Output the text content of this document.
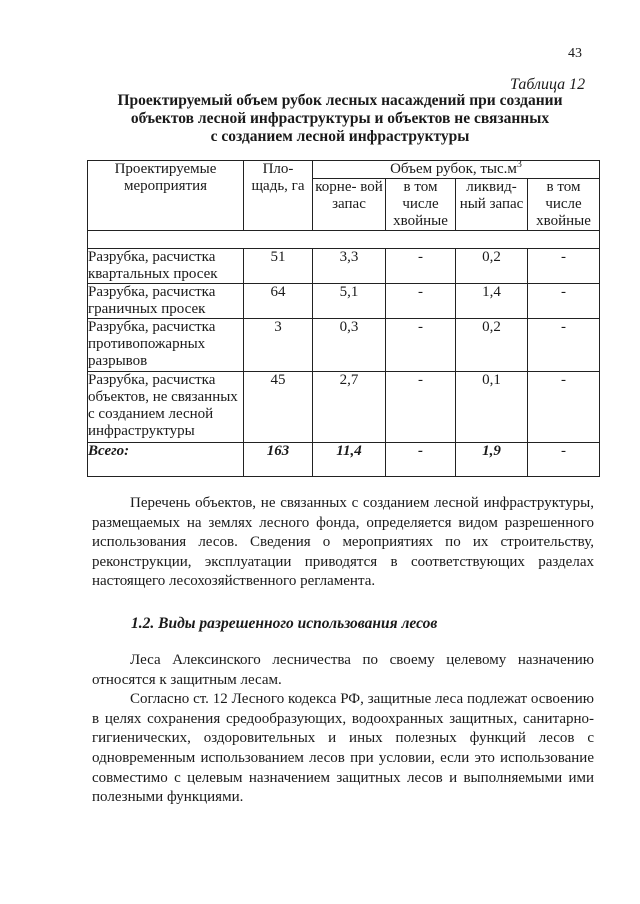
43
Таблица 12
Проектируемый объем рубок лесных насаждений при создании
объектов лесной инфраструктуры и объектов не связанных
с созданием лесной инфраструктуры
Проектируемые мероприятия	Пло- щадь, га	Объем рубок, $тыс.м^3$
		корне- вой запас	в том числе хвойные	ликвид- ный запас	в том числе хвойные

Разрубка, расчистка квартальных просек	51	3,3	-	0,2	-
Разрубка, расчистка граничных просек	64	5,1	-	1,4	-
Разрубка, расчистка противопожарных разрывов	3	0,3	-	0,2	-
Разрубка, расчистка объектов, не связанных с созданием лесной инфраструктуры	45	2,7	-	0,1	-
Всего:	163	11,4	-	1,9	-
Перечень объектов, не связанных с созданием лесной инфраструктуры, размещаемых на землях лесного фонда, определяется видом разрешенного использования лесов. Сведения о мероприятиях по их строительству, реконструкции, эксплуатации приводятся в соответствующих разделах настоящего лесохозяйственного регламента.
1.2. Виды разрешенного использования лесов
Леса Алексинского лесничества по своему целевому назначению относятся к защитным лесам.
Согласно ст. 12 Лесного кодекса РФ, защитные леса подлежат освоению в целях сохранения средообразующих, водоохранных защитных, санитарно-гигиенических, оздоровительных и иных полезных функций лесов с одновременным использованием лесов при условии, если это использование совместимо с целевым назначением защитных лесов и выполняемыми ими полезными функциями.
